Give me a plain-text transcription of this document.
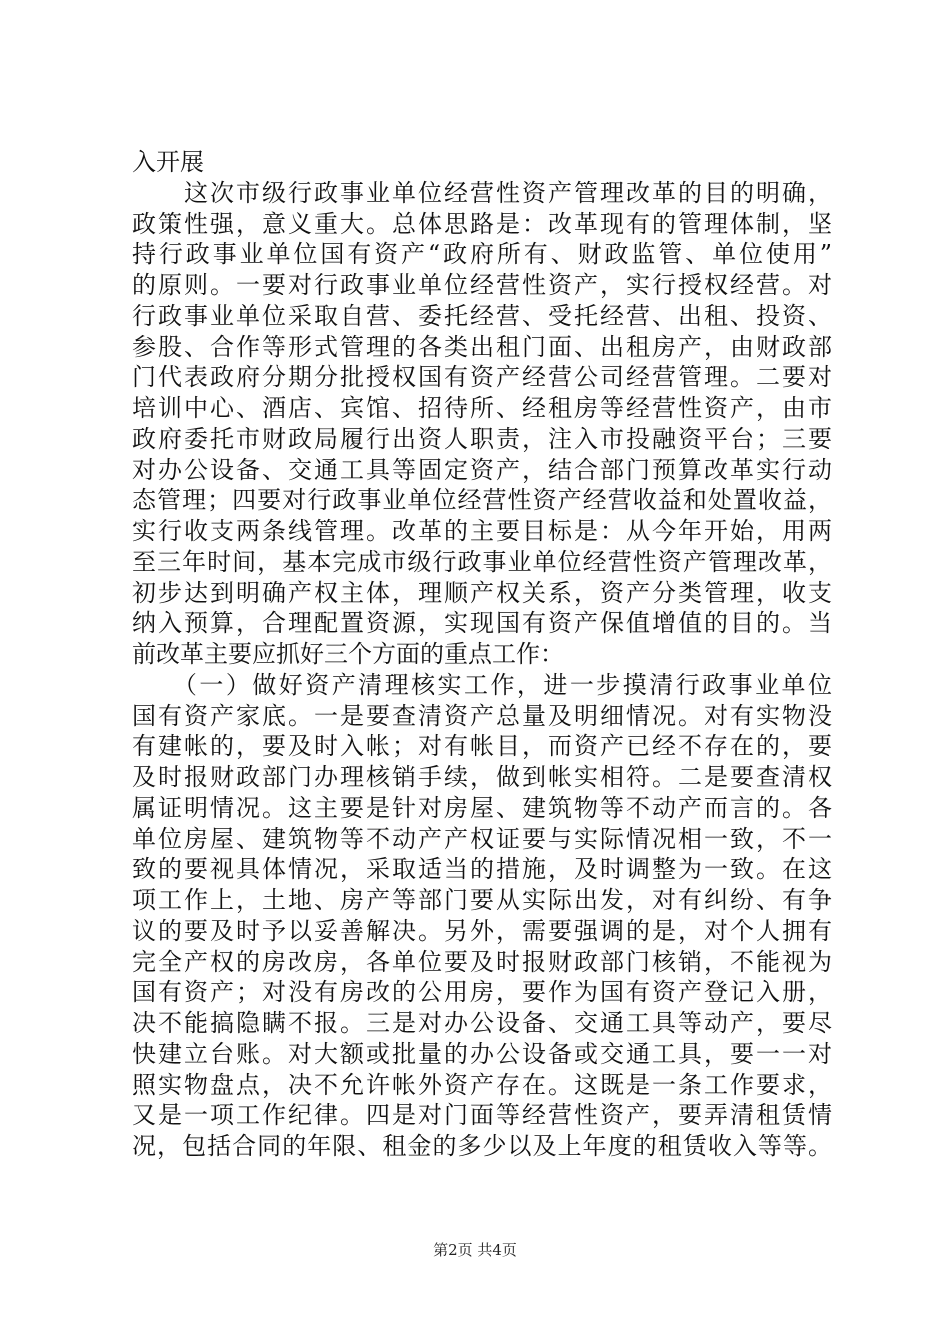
入开展
　　这次市级行政事业单位经营性资产管理改革的目的明确，
政策性强，意义重大。总体思路是：改革现有的管理体制，坚
持行政事业单位国有资产“政府所有、财政监管、单位使用”
的原则。一要对行政事业单位经营性资产，实行授权经营。对
行政事业单位采取自营、委托经营、受托经营、出租、投资、
参股、合作等形式管理的各类出租门面、出租房产，由财政部
门代表政府分期分批授权国有资产经营公司经营管理。二要对
培训中心、酒店、宾馆、招待所、经租房等经营性资产，由市
政府委托市财政局履行出资人职责，注入市投融资平台；三要
对办公设备、交通工具等固定资产，结合部门预算改革实行动
态管理；四要对行政事业单位经营性资产经营收益和处置收益，
实行收支两条线管理。改革的主要目标是：从今年开始，用两
至三年时间，基本完成市级行政事业单位经营性资产管理改革，
初步达到明确产权主体，理顺产权关系，资产分类管理，收支
纳入预算，合理配置资源，实现国有资产保值增值的目的。当
前改革主要应抓好三个方面的重点工作：
　　（一）做好资产清理核实工作，进一步摸清行政事业单位
国有资产家底。一是要查清资产总量及明细情况。对有实物没
有建帐的，要及时入帐；对有帐目，而资产已经不存在的，要
及时报财政部门办理核销手续，做到帐实相符。二是要查清权
属证明情况。这主要是针对房屋、建筑物等不动产而言的。各
单位房屋、建筑物等不动产产权证要与实际情况相一致，不一
致的要视具体情况，采取适当的措施，及时调整为一致。在这
项工作上，土地、房产等部门要从实际出发，对有纠纷、有争
议的要及时予以妥善解决。另外，需要强调的是，对个人拥有
完全产权的房改房，各单位要及时报财政部门核销，不能视为
国有资产；对没有房改的公用房，要作为国有资产登记入册，
决不能搞隐瞒不报。三是对办公设备、交通工具等动产，要尽
快建立台账。对大额或批量的办公设备或交通工具，要一一对
照实物盘点，决不允许帐外资产存在。这既是一条工作要求，
又是一项工作纪律。四是对门面等经营性资产，要弄清租赁情
况，包括合同的年限、租金的多少以及上年度的租赁收入等等。
第2页 共4页
